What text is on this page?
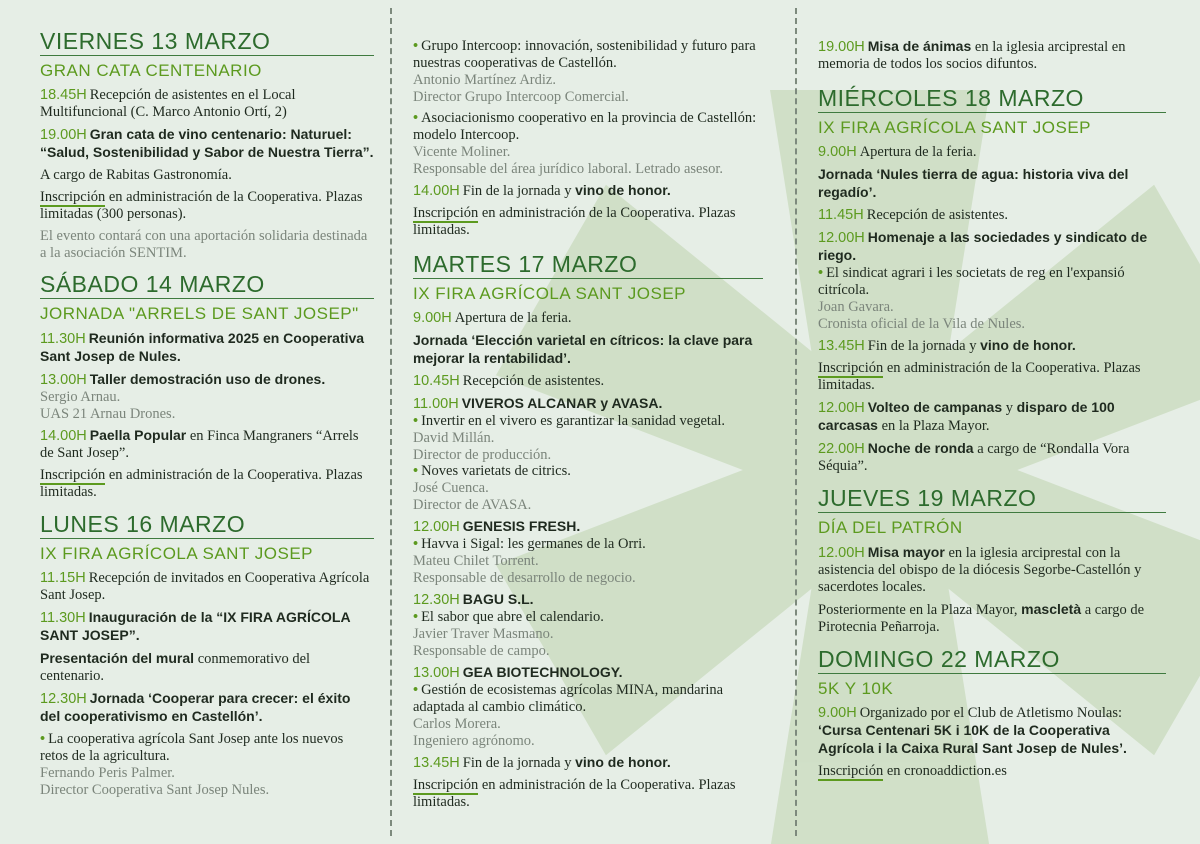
VIERNES 13 MARZO
GRAN CATA CENTENARIO

18.45H Recepción de asistentes en el Local Multifuncional (C. Marco Antonio Ortí, 2)

19.00H Gran cata de vino centenario: Naturuel: “Salud, Sostenibilidad y Sabor de Nuestra Tierra”.

A cargo de Rabitas Gastronomía.

Inscripción en administración de la Cooperativa. Plazas limitadas (300 personas).

El evento contará con una aportación solidaria destinada a la asociación SENTIM.

SÁBADO 14 MARZO
JORNADA "ARRELS DE SANT JOSEP"

11.30H Reunión informativa 2025 en Cooperativa Sant Josep de Nules.

13.00H Taller demostración uso de drones.

Sergio Arnau.

UAS 21 Arnau Drones.

14.00H Paella Popular en Finca Mangraners “Arrels de Sant Josep”.

Inscripción en administración de la Cooperativa. Plazas limitadas.

LUNES 16 MARZO
IX FIRA AGRÍCOLA SANT JOSEP

11.15H Recepción de invitados en Cooperativa Agrícola Sant Josep.

11.30H Inauguración de la “IX FIRA AGRÍCOLA SANT JOSEP”.

Presentación del mural conmemorativo del centenario.

12.30H Jornada ‘Cooperar para crecer: el éxito del cooperativismo en Castellón’.

• La cooperativa agrícola Sant Josep ante los nuevos retos de la agricultura.

Fernando Peris Palmer.

Director Cooperativa Sant Josep Nules.

• Grupo Intercoop: innovación, sostenibilidad y futuro para nuestras cooperativas de Castellón.

Antonio Martínez Ardiz.

Director Grupo Intercoop Comercial.

• Asociacionismo cooperativo en la provincia de Castellón: modelo Intercoop.

Vicente Moliner.

Responsable del área jurídico laboral. Letrado asesor.

14.00H Fin de la jornada y vino de honor.

Inscripción en administración de la Cooperativa. Plazas limitadas.

MARTES 17 MARZO
IX FIRA AGRÍCOLA SANT JOSEP

9.00H Apertura de la feria.

Jornada ‘Elección varietal en cítricos: la clave para mejorar la rentabilidad’.

10.45H Recepción de asistentes.

11.00H VIVEROS ALCANAR y AVASA.

• Invertir en el vivero es garantizar la sanidad vegetal.

David Millán.

Director de producción.

• Noves varietats de citrics.

José Cuenca.

Director de AVASA.

12.00H GENESIS FRESH.

• Havva i Sigal: les germanes de la Orri.

Mateu Chilet Torrent.

Responsable de desarrollo de negocio.

12.30H BAGU S.L.

• El sabor que abre el calendario.

Javier Traver Masmano.

Responsable de campo.

13.00H GEA BIOTECHNOLOGY.

• Gestión de ecosistemas agrícolas MINA, mandarina adaptada al cambio climático.

Carlos Morera.

Ingeniero agrónomo.

13.45H Fin de la jornada y vino de honor.

Inscripción en administración de la Cooperativa. Plazas limitadas.

19.00H Misa de ánimas en la iglesia arciprestal en memoria de todos los socios difuntos.

MIÉRCOLES 18 MARZO
IX FIRA AGRÍCOLA SANT JOSEP

9.00H Apertura de la feria.

Jornada ‘Nules tierra de agua: historia viva del regadío’.

11.45H Recepción de asistentes.

12.00H Homenaje a las sociedades y sindicato de riego.

• El sindicat agrari i les societats de reg en l'expansió citrícola.

Joan Gavara.

Cronista oficial de la Vila de Nules.

13.45H Fin de la jornada y vino de honor.

Inscripción en administración de la Cooperativa. Plazas limitadas.

12.00H Volteo de campanas y disparo de 100 carcasas en la Plaza Mayor.

22.00H Noche de ronda a cargo de “Rondalla Vora Séquia”.

JUEVES 19 MARZO
DÍA DEL PATRÓN

12.00H Misa mayor en la iglesia arciprestal con la asistencia del obispo de la diócesis Segorbe-Castellón y sacerdotes locales.

Posteriormente en la Plaza Mayor, mascletà a cargo de Pirotecnia Peñarroja.

DOMINGO 22 MARZO
5K Y 10K

9.00H Organizado por el Club de Atletismo Noulas: ‘Cursa Centenari 5K i 10K de la Cooperativa Agrícola i la Caixa Rural Sant Josep de Nules’.

Inscripción en cronoaddiction.es
